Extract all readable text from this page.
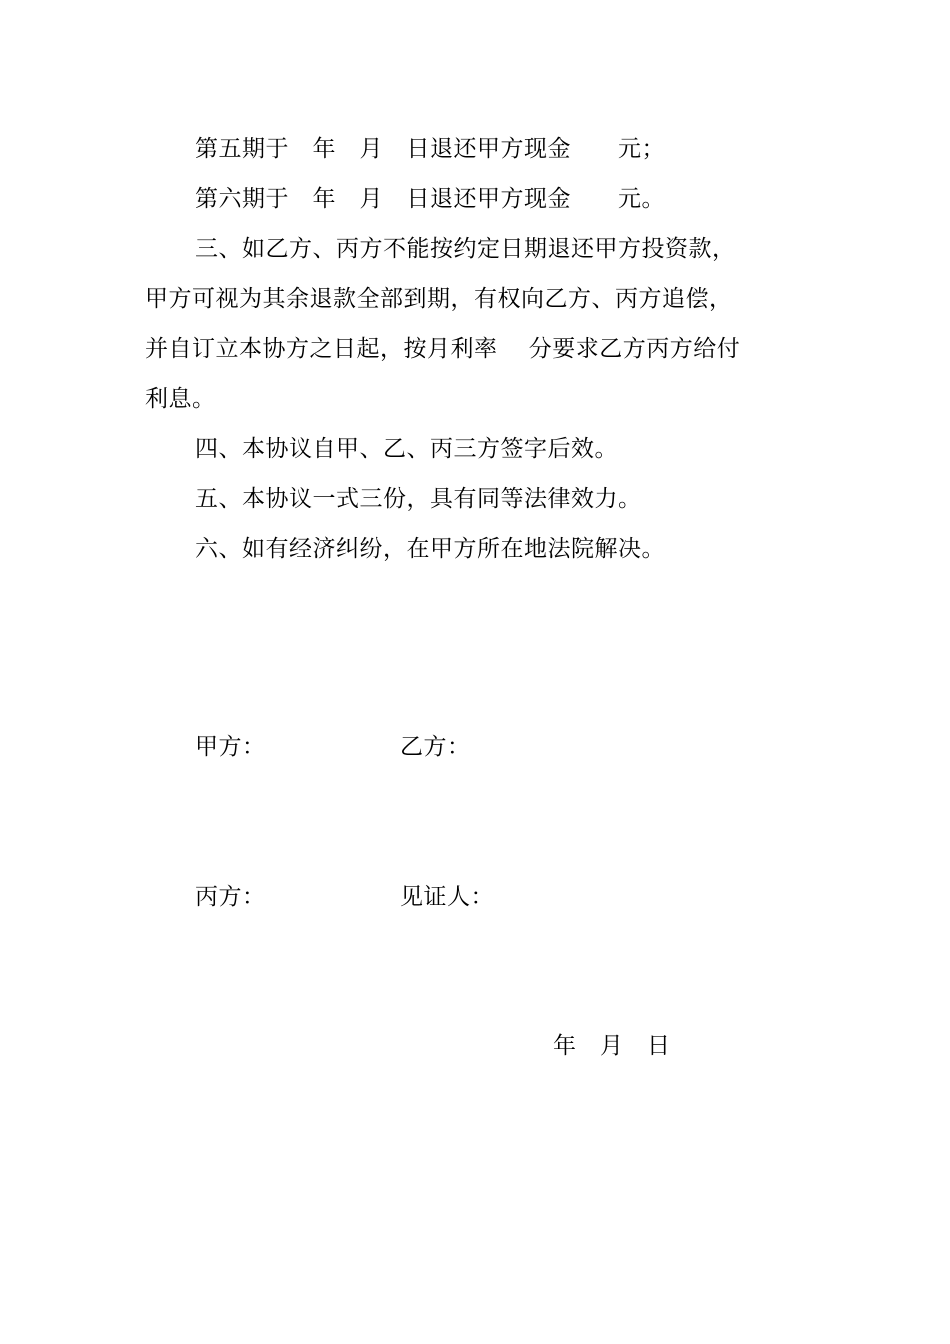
第五期于　年　月　日退还甲方现金　　元；
第六期于　年　月　日退还甲方现金　　元。
三、如乙方、丙方不能按约定日期退还甲方投资款，
甲方可视为其余退款全部到期，有权向乙方、丙方追偿，
并自订立本协方之日起，按月利率　 分要求乙方丙方给付
利息。
四、本协议自甲、乙、丙三方签字后效。
五、本协议一式三份，具有同等法律效力。
六、如有经济纠纷，在甲方所在地法院解决。
甲方：	乙方：
丙方：	见证人：
年　月　日
